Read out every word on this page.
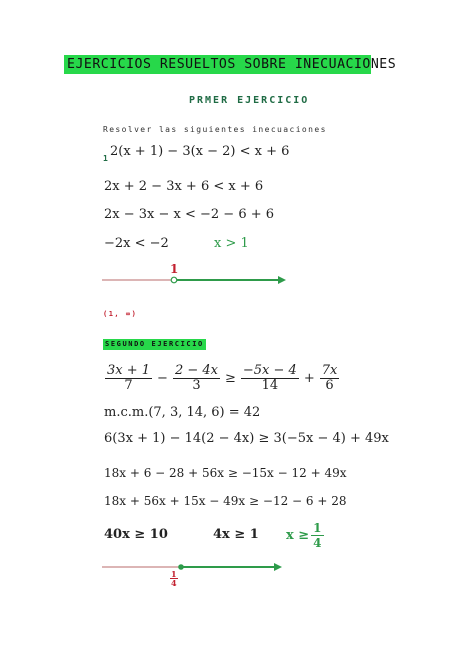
EJERCICIOS RESUELTOS SOBRE INECUACIONES
PRMER EJERCICIO
Resolver las siguientes inecuaciones
1 2(x + 1) − 3(x − 2) < x + 6
2x + 2 − 3x + 6 < x + 6
2x − 3x − x < −2 − 6 + 6
−2x < −2	x > 1
1
(1, ∞)
SEGUNDO EJERCICIO
$\frac{3x + 1}{7} - \frac{2 - 4x}{3} \ge \frac{-5x - 4}{14} + \frac{7x}{6}$
m.c.m.(7, 3, 14, 6) = 42
6(3x + 1) − 14(2 − 4x) ≥ 3(−5x − 4) + 49x
18x + 6 − 28 + 56x ≥ −15x − 12 + 49x
18x + 56x + 15x − 49x ≥ −12 − 6 + 28
40x ≥ 10	4x ≥ 1 $x \ge \frac{1}{4}$
1
4
